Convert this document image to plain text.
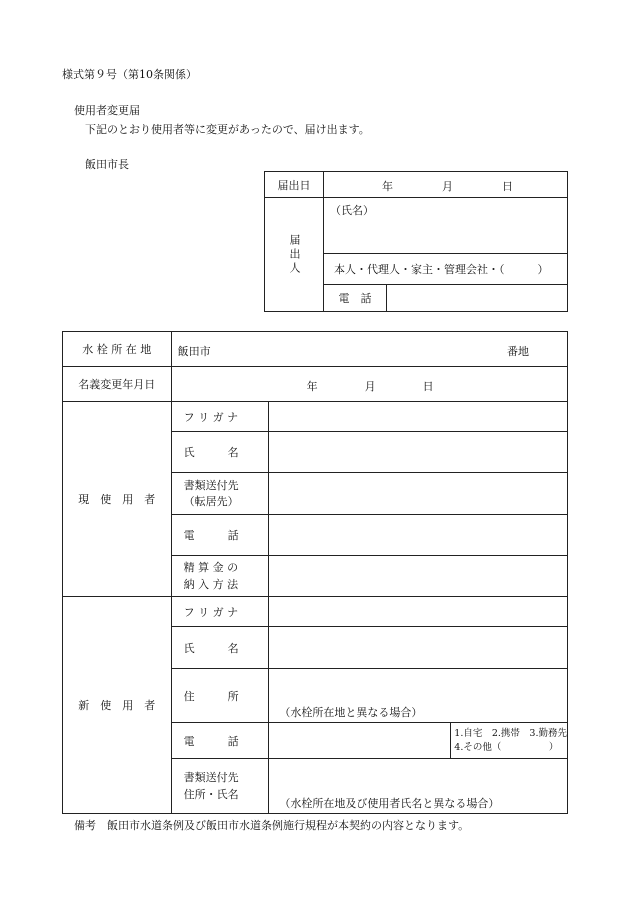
様式第９号（第10条関係）
使用者変更届
下記のとおり使用者等に変更があったので、届け出ます。
飯田市長
届出日	年 月 日	

届出人	（氏名）	
	本人・代理人・家主・管理会社・（　　　）	
	電　話	
水 栓 所 在 地	飯田市 番地		

名義変更年月日	年 月 日		

現　使　用　者	フ リ ガ ナ		
	氏　　　名		

	書類送付先
（転居先）		

	電　　　話		

	精 算 金 の
納 入 方 法		

新　使　用　者	フ リ ガ ナ		
	氏　　　名		
	住　　　所	（水栓所在地と異なる場合）	
	電　　　話		1.自宅　2.携帯　3.勤務先
4.その他（　　　　　）

	書類送付先
住所・氏名	（水栓所在地及び使用者氏名と異なる場合）	
備考　飯田市水道条例及び飯田市水道条例施行規程が本契約の内容となります。
